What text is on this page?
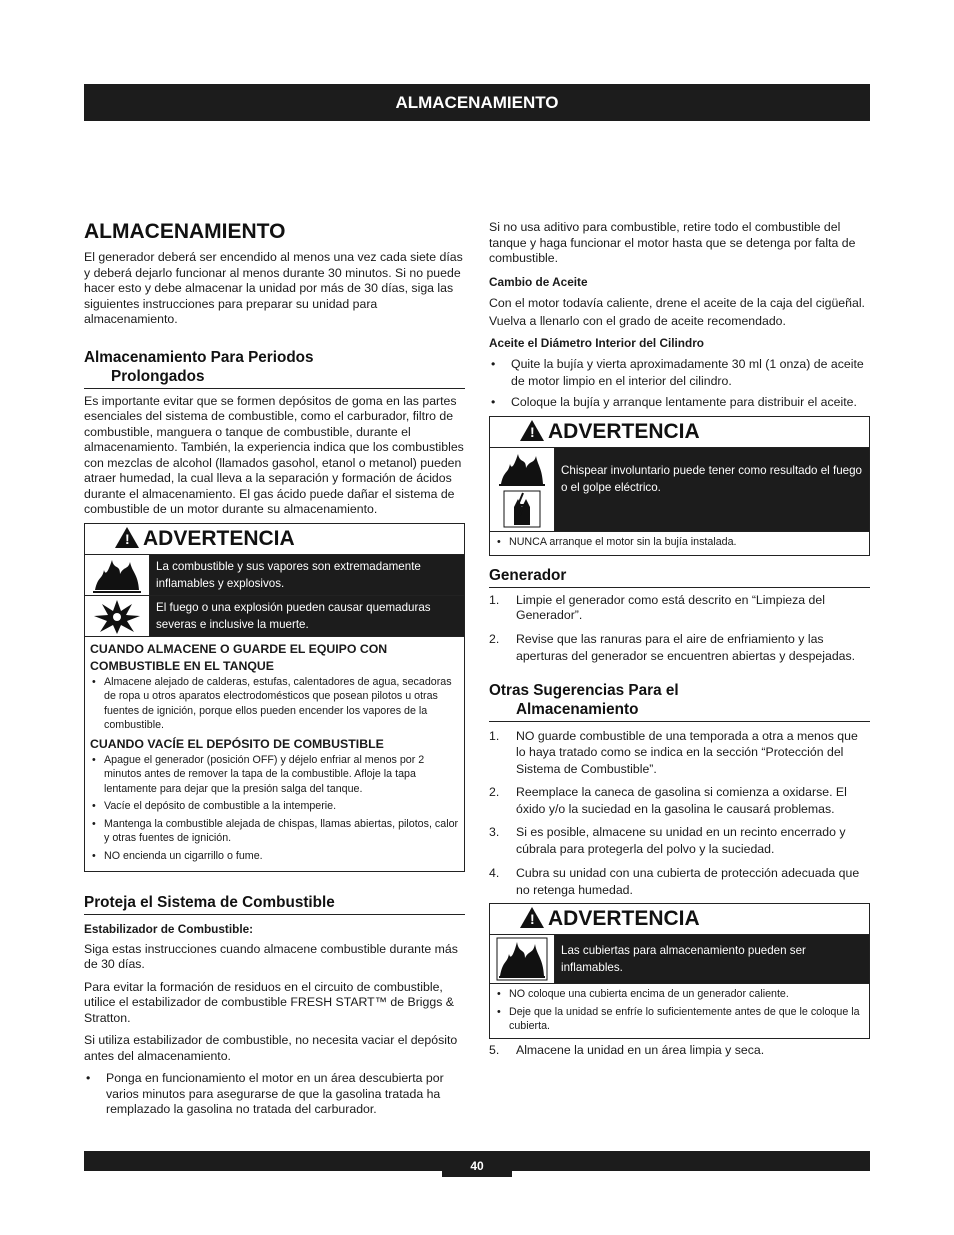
ALMACENAMIENTO
ALMACENAMIENTO

El generador deberá ser encendido al menos una vez cada siete días y deberá dejarlo funcionar al menos durante 30 minutos. Si no puede hacer esto y debe almacenar la unidad por más de 30 días, siga las siguientes instrucciones para preparar su unidad para almacenamiento.

Almacenamiento Para Periodos
Prolongados

Es importante evitar que se formen depósitos de goma en las partes esenciales del sistema de combustible, como el carburador, filtro de combustible, manguera o tanque de combustible, durante el almacenamiento. También, la experiencia indica que los combustibles con mezclas de alcohol (llamados gasohol, etanol o metanol) pueden atraer humedad, la cual lleva a la separación y formación de ácidos durante el almacenamiento. El gas ácido puede dañar el sistema de combustible de un motor durante su almacenamiento.

! ADVERTENCIA
La combustible y sus vapores son extremadamente inflamables y explosivos.
El fuego o una explosión pueden causar quemaduras severas e inclusive la muerte.

CUANDO ALMACENE O GUARDE EL EQUIPO CON COMBUSTIBLE EN EL TANQUE

• Almacene alejado de calderas, estufas, calentadores de agua, secadoras de ropa u otros aparatos electrodomésticos que posean pilotos u otras fuentes de ignición, porque ellos pueden encender los vapores de la combustible.

CUANDO VACÍE EL DEPÓSITO DE COMBUSTIBLE

• Apague el generador (posición OFF) y déjelo enfriar al menos por 2 minutos antes de remover la tapa de la combustible. Afloje la tapa lentamente para dejar que la presión salga del tanque.
• Vacíe el depósito de combustible a la intemperie.
• Mantenga la combustible alejada de chispas, llamas abiertas, pilotos, calor y otras fuentes de ignición.
• NO encienda un cigarrillo o fume.
Proteja el Sistema de Combustible

Estabilizador de Combustible:

Siga estas instrucciones cuando almacene combustible durante más de 30 días.

Para evitar la formación de residuos en el circuito de combustible, utilice el estabilizador de combustible FRESH START™ de Briggs & Stratton.

Si utiliza estabilizador de combustible, no necesita vaciar el depósito antes del almacenamiento.

• Ponga en funcionamiento el motor en un área descubierta por varios minutos para asegurarse de que la gasolina tratada ha remplazado la gasolina no tratada del carburador.

Si no usa aditivo para combustible, retire todo el combustible del tanque y haga funcionar el motor hasta que se detenga por falta de combustible.

Cambio de Aceite

Con el motor todavía caliente, drene el aceite de la caja del cigüeñal. Vuelva a llenarlo con el grado de aceite recomendado.

Aceite el Diámetro Interior del Cilindro

• Quite la bujía y vierta aproximadamente 30 ml (1 onza) de aceite de motor limpio en el interior del cilindro.
• Coloque la bujía y arranque lentamente para distribuir el aceite.
! ADVERTENCIA
Chispear involuntario puede tener como resultado el fuego o el golpe eléctrico.
• NUNCA arranque el motor sin la bujía instalada.
Generador
1. Limpie el generador como está descrito en “Limpieza del Generador”.
2. Revise que las ranuras para el aire de enfriamiento y las aperturas del generador se encuentren abiertas y despejadas.
Otras Sugerencias Para el
Almacenamiento
1. NO guarde combustible de una temporada a otra a menos que lo haya tratado como se indica en la sección “Protección del Sistema de Combustible”.
2. Reemplace la caneca de gasolina si comienza a oxidarse. El óxido y/o la suciedad en la gasolina le causará problemas.
3. Si es posible, almacene su unidad en un recinto encerrado y cúbrala para protegerla del polvo y la suciedad.
4. Cubra su unidad con una cubierta de protección adecuada que no retenga humedad.
! ADVERTENCIA
Las cubiertas para almacenamiento pueden ser inflamables.
• NO coloque una cubierta encima de un generador caliente.
• Deje que la unidad se enfríe lo suficientemente antes de que le coloque la cubierta.
5. Almacene la unidad en un área limpia y seca.
40
